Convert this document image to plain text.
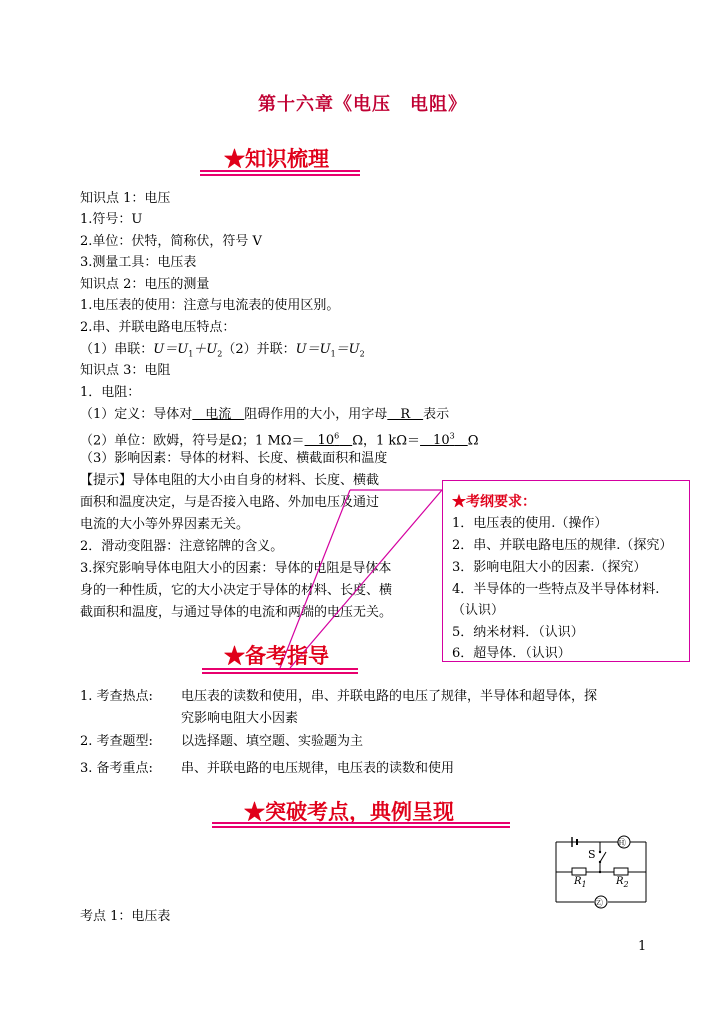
第十六章《电压　电阻》
★知识梳理
知识点 1：电压
1.符号：U
2.单位：伏特，简称伏，符号 V
3.测量工具：电压表
知识点 2：电压的测量
1.电压表的使用：注意与电流表的使用区别。
2.串、并联电路电压特点：
（1）串联：$U=U_1+U_2(2)$并联：$U=U_1=U_2$
知识点 3：电阻
1．电阻：
（1）定义：导体对　电流　阻碍作用的大小，用字母　R　表示
（2）单位：欧姆，符号是Ω；1 MΩ＝　$10^6$　 Ω，1 kΩ＝　$10^3$　 Ω
（3）影响因素：导体的材料、长度、横截面积和温度
【提示】导体电阻的大小由自身的材料、长度、横截
面积和温度决定，与是否接入电路、外加电压及通过
电流的大小等外界因素无关。
2．滑动变阻器：注意铭牌的含义。
3.探究影响导体电阻大小的因素：导体的电阻是导体本
身的一种性质，它的大小决定于导体的材料、长度、横
截面积和温度，与通过导体的电流和两端的电压无关。
★考纲要求：
1．电压表的使用.（操作）
2．串、并联电路电压的规律.（探究）
3．影响电阻大小的因素.（探究）
4．半导体的一些特点及半导体材料.
（认识）
5．纳米材料．（认识）
6．超导体．（认识）
★备考指导
1. 考查热点: 电压表的读数和使用，串、并联电路的电压了规律，半导体和超导体，探
究影响电阻大小因素
2. 考查题型: 以选择题、填空题、实验题为主
3. 备考重点: 串、并联电路的电压规律，电压表的读数和使用
★突破考点，典例呈现
Ⓗ
Ⓩ
S
$R_1$	$R_2$
考点 1：电压表
1
